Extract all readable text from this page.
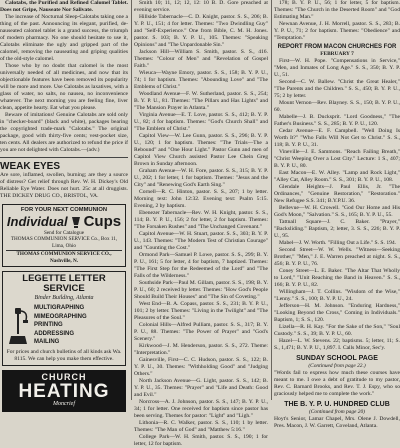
Calotabs, the Purified and Refined Calomel Tablet. Does not Gripe, Nauseate Nor Salivate.

The increase of Nocturnal Sleep-Calotabs taking one a thing of the past. Announcing its elegant, purified, de-nauseated calomel tablet is a grand success, the triumph of modern pharmacy. No one should hesitate to use it, Calotabs eliminate the ugly and gripped part of the calomel, removing the nauseating and griping qualities of the old-style calomel.

Those who by no doubt that calomel is the most universally needed of all medicines, and now that its objectionable features have been removed its popularity will be more and more. Use Calotabs as laxatives, with a glass of water, no salts, no nausea, no inconvenience whatever. The next morning you are feeling fine, liver clean, appetite hearty. Eat what you please.

Beware of imitations! Genuine Calotabs are sold only in "checker-board" (black and white), packages bearing the copyrighted trade-mark "Calotabs." The original package, good with thirty-five cents; vest-pocket size, ten cents. All dealers are authorized to refund the price if you are not delighted with Calotabs.—(adv.)

WEAK EYES

Are sore, inflamed, swollen, burning; are they a source of distress? Get relief through Rev. W. H. Dickey's Old Reliable Eye Water. Does not hurt. 25c at all druggists. THE DICKEY DRUG CO., BRISTOL, VA.

FOR YOUR NEXT COMMUNION
Individual Cups
Send for Catalogue
THOMAS COMMUNION SERVICE Co., Box 11, Lima, Ohio
THOMAS COMMUNION SERVICE CO., Nashville, N.
LEGETTE LETTER SERVICE
Binder Building, Atlanta
MULTIGRAPHING
MIMEOGRAPHING
PRINTING
ADDRESSING
MAILING

For prices and church bulletins of all kinds ask Wa. 8115. We can help you make them effective.

CHURCH
HEATING
Moncrief

Smith 10; 11, 12; 12, 12: 10 B. D. Gore preached at evening service.

Hillside Tabernacle—C. D. Knight, pastor. S. S., 206; B. Y. P. U., 151; 4 for letter. Themes: "Two Dwindling Guy" and "Self-Experience." One from Bible, C. M. H. Jones. pastor. S. 103; B. Y. P. U., 105. Themes: "Speaking Opinions" and "The Unpardonable Sin."

Jackson Hill—William S. Smith, pastor. S. S., 416. Themes: "Colour of Men" and "Revelation of Gospel Faith."

Wieuca—Wayne Emory, pastor. S. S., 158; B. Y. P. U., 74; 1 for baptism. Themes: "Abounding Love" and "The Emblems of Christ."

Woodland Avenue—F. W. Sutherland, pastor. S. S., 254; B. Y. P. U., 81. Themes: "The Pillars and Has Lights" and "The Mansion Prayer in Atlanta."

Virginia Avenue—E. T. Love, pastor. S. S., 412; B. Y. P. U., 82; 4 for baptism. Themes: "God's Church Shall" and "The Emblem of Christ."

Capitol View—W. Lee Gunn, pastor. S. S., 296; B. Y. P. U., 120; 1 for baptism. Themes: "The Trials—The a Rebound" and "One Hour Light." Pastor Gunn and men of Capitol View Church assisted Pastor Lee Chein Greg Brown in Sunday afternoon.

Graham Avenue—W. H. Fore, pastor. S. S., 315; B. Y. P. U., 202; 1 for letter, 1 for baptism. Themes: "Jesus and the City" and "Renewing God's Earth Sing."

Cornell—R. C. Hinton, pastor. S. S., 207; 1 by letter. Morning text: John 12:32. Evening text: Psalm 5:15. Evening, 2 by baptism.

Ebenezer Tabernacle—Rev. W. H. Knight, pastor. S. S., 114; B. Y. P. U., 156; 2 for letter, 2 for baptism. Themes: "The Forsaken Rushes" and "The Unchanged Covenant."

Capitol Avenue—W. H. Stuart, pastor. S. S., 303; B. Y. P. U., 143. Themes: "The Modern Test of Christian Courage" and "Counting the Cost."

Ormond Park—Samuel P. Lowe, pastor. S. S., 299; B. Y. P. U., 161; 5 for letter, 4 for baptism, 7 baptized. Themes: "The First Step for the Redeemed of the Lord" and "The Falls of the Wilderness."

Southside Park—Paul M. Gillam, pastor. S. S., 198; B. Y. P. U., 60; 2 received by letter. Themes: "How God's People Should Build Their Houses" and "The Sin of Coveting."

West End—B. A. Copass, pastor. S. S., 231; B. Y. P. U., 101; 2 by letter. Themes: "Living in the Twilight" and "The Pleasures of the Soul."

Colonial Hills—Alfred Pulliam, pastor. S. S., 317; B. Y. P. U., 88. Themes: "The Power of Prayer" and "God's Scenery."

Kirkwood—J. M. Henderson, pastor. S. S., 272. Theme: "Interpretation."

Gainesville, First—C. C. Hudson, pastor. S. S., 122; B. Y. P. U., 30. Themes: "Withholding Good" and "Judging Others."

North Jackson Avenue—G. Light, pastor. S. S., 142; B. Y. P. U., 35. Themes: "Prayer" and "Life and Death: Good and Evil."

Norcross—A. J. Johnson, pastor. S. S., 147; B. Y. P. U., 34; 1 for letter. One received for baptism since pastor has been serving. Themes for pastor: "Light" and "Ligh."

Lithonia—R. C. Walker, pastor. S. S., 110; 1 by letter. Themes: "The Man of God" and "Matthew 5:16."

College Park—W. H. Smith, pastor. S. S., 190; 1 for letter, 12 for baptism.

178; B. Y. P. U., 56; 1 for letter, 5 for baptism. Themes: "The Church in the Deserted Room" and "God Estimating Man."

Newnan Avenue, J. H. Morrell, pastor. S. S., 283; B. Y. P. U., 71; 2 for baptism. Themes: "Obedience" and "Temptation."

REPORT FROM MACON CHURCHES FOR
FEBRUARY 7

First—W. H. Pope. "Compensations in Service," "Men, and Inmates of Long Age." S. S., 350; B. Y. P. U., 51.

Second—C. W. Ballew. "Christ the Great Healer," "The Parents and the Children." S. S., 450; B. Y. P. U., 75; 2 by letter.

Mount Vernon—Rev. Blayney. S. S., 150; B. Y. P. U., 60.

Mabelle—J. B. Ducksprit. "Lord Goodness," "The Father's Business." S. S., 285; B. Y. P. U., 120.

Cedar Avenue—E. F. Campbell. "Well Doing Is Worth It?" "Who Falls Will Not Get to Christ." S. S., 118; B. Y. P. U., 31.

Vineville—J. E. Sammons. "Reach Failing Breath," "Christ Weeping Over a Lost City." Lecture: 1 S., 407; B. Y. P. U., 80.

East Macon—E. W. Alley. "Lamp and Rock Light," "Alley Cat, Alley Room." S. S., 301; B. Y. P. U., 108.

Glendale Heights—J. Paul Ellis, Jr. "The Ordinances," "Genuine Restoration," "Restoration." New Refugee S.S. 341; B.Y.P.U. 36.

Bellevue—W. H. Crowell. "God Our Home and His God's Moon," "Salvation." S. S., 165; B. Y. P. U., 55.

Tattnall Square—J. C. Baker. "Prayer," "Backsliding." Baptism, 2; letter, 3. S. S., 226; B. Y. P. U., 95.

Mabel—J. W. Worth. "Filling Out a Life." S. S. 194.

Second Street—W. W. Wells. "Witness—Seeking Brother," "Men," J. E. Warren preached at night. S. S., 456; B. Y. P. U., 76.

Coney Street—L. E. Baker. "The Altar That Wholly to Lord," "Unit Reaching the Band in Heaven." S. S., 166; B. Y. P. U., 82.

Willingham—J. T. Collins. "Wisdom of the Wise," "Lenny." S. S., 100; B. Y. P. U., 24.

Jefferson—H. M. Johnson. "Enduring Hardness," "Looking Beyond the Cross," Coming in Individuals." Baptism, 1; S. S., 120.

Lizella—R. H. Kay. "For the Sake of the Son," "Soul Custody." S. S., 39; B. Y. P. U., 60.

Hazel—L. W. Stevens. 22; baptisms. 5; letter, 11; S. S., 1,471; B. Y. P. U., 1,897. I. Calls Minor, Sec'y.

SUNDAY SCHOOL PAGE
(Continued from page 22.)

"Words fail to express how much these courses have meant to me. I owe a debt of gratitude to my pastor, Rev. C. Barnard Brooks, and Rev. T. J. Espy, who so graciously helped me to complete the work."

THE B. Y. P. U. HUNDRED CLUB
(Continued from page 20)

Hoyt's Senior, Lamar Chapel, Mrs. Olene J. Dowdell, Pres. Macon, J. W. Garrett, Coveland, Atlanta.
